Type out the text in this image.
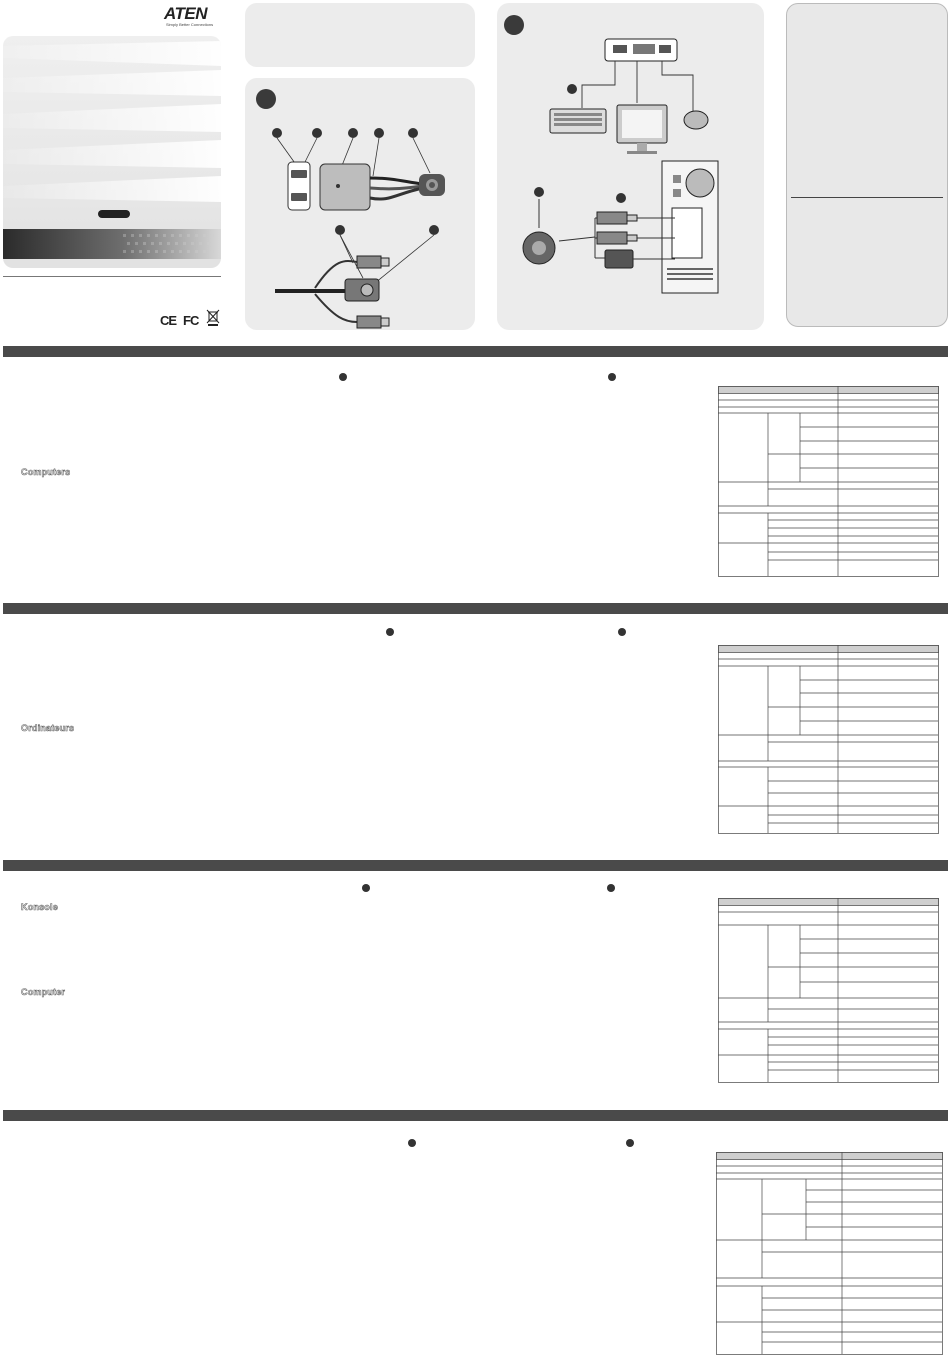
ATEN
Simply Better Connections
CE FC
Computers
Ordinateurs
Konsole
Computer
